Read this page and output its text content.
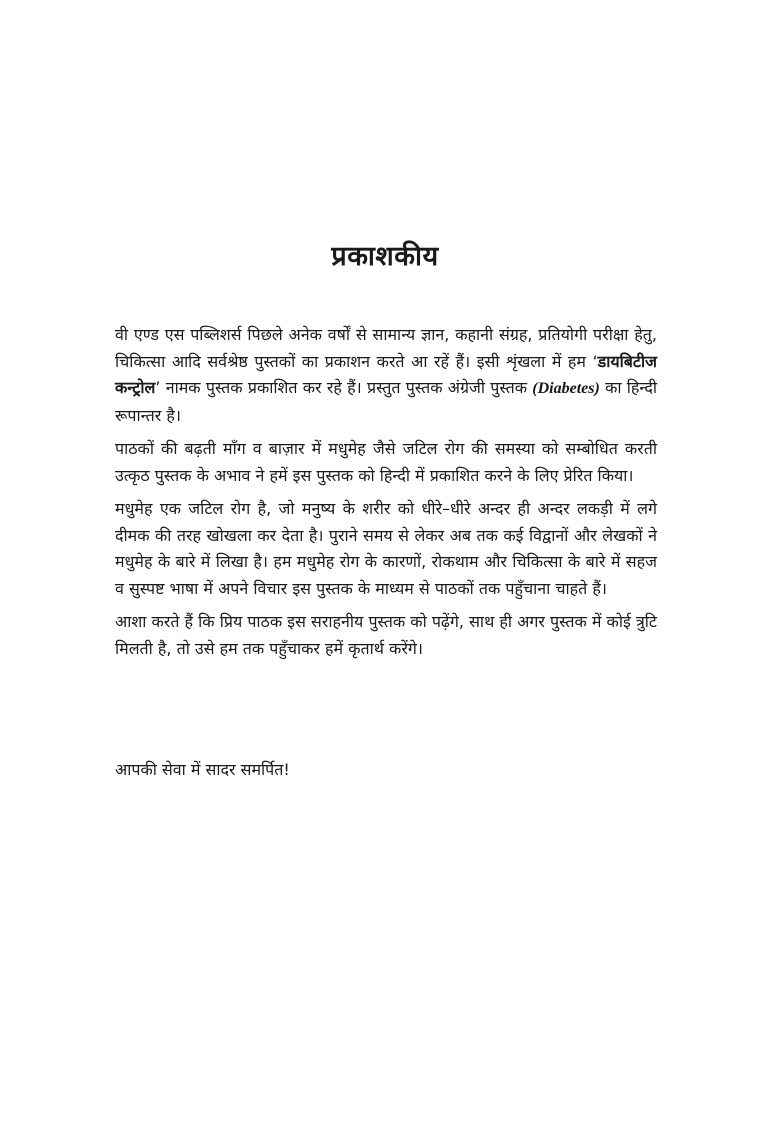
प्रकाशकीय

वी एण्ड एस पब्लिशर्स पिछले अनेक वर्षों से सामान्य ज्ञान, कहानी संग्रह, प्रतियोगी परीक्षा हेतु, चिकित्सा आदि सर्वश्रेष्ठ पुस्तकों का प्रकाशन करते आ रहें हैं। इसी शृंखला में हम ‘डायबिटीज कन्ट्रोल’ नामक पुस्तक प्रकाशित कर रहे हैं। प्रस्तुत पुस्तक अंग्रेजी पुस्तक (Diabetes) का हिन्दी रूपान्तर है।

पाठकों की बढ़ती माँग व बाज़ार में मधुमेह जैसे जटिल रोग की समस्या को सम्बोधित करती उत्कृठ पुस्तक के अभाव ने हमें इस पुस्तक को हिन्दी में प्रकाशित करने के लिए प्रेरित किया।

मधुमेह एक जटिल रोग है, जो मनुष्य के शरीर को धीरे–धीरे अन्दर ही अन्दर लकड़ी में लगे दीमक की तरह खोखला कर देता है। पुराने समय से लेकर अब तक कई विद्वानों और लेखकों ने मधुमेह के बारे में लिखा है। हम मधुमेह रोग के कारणों, रोकथाम और चिकित्सा के बारे में सहज व सुस्पष्ट भाषा में अपने विचार इस पुस्तक के माध्यम से पाठकों तक पहुँचाना चाहते हैं।

आशा करते हैं कि प्रिय पाठक इस सराहनीय पुस्तक को पढ़ेंगे, साथ ही अगर पुस्तक में कोई त्रुटि मिलती है, तो उसे हम तक पहुँचाकर हमें कृतार्थ करेंगे।

आपकी सेवा में सादर समर्पित!
